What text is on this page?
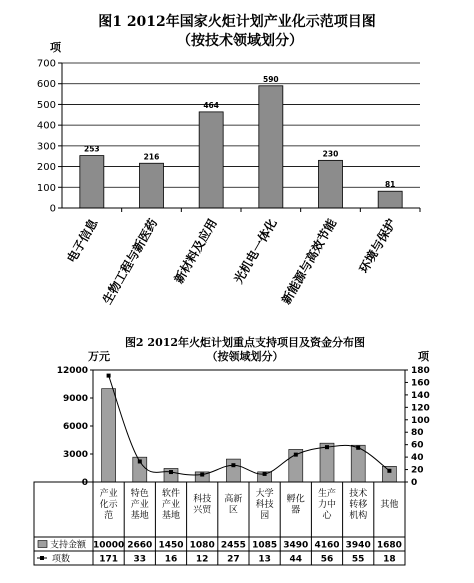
图1 2012年国家火炬计划产业化示范项目图
（按技术领域划分）
项
0
100
200
300
400
500
600
700
253
216
464
590
230
81
电子信息 生物工程与新医药 新材料及应用 光机电一体化 新能源与高效节能 环境与保护
图2 2012年火炬计划重点支持项目及资金分布图
（按领域划分）
万元	项
0
3000
6000
9000
12000
0
20
40
60
80
100
120
140
160
180
产业
化示
范
特色
产业
基地
软件
产业
基地
科技
兴贸
高新
区
大学
科技
园
孵化
器
生产
力中
心
技术
转移
机构
其他
支持金额
项数
10000 2660 1450 1080 2455 1085 3490 4160 3940 1680
171 33 16 12 27 13 44 56 55 18
